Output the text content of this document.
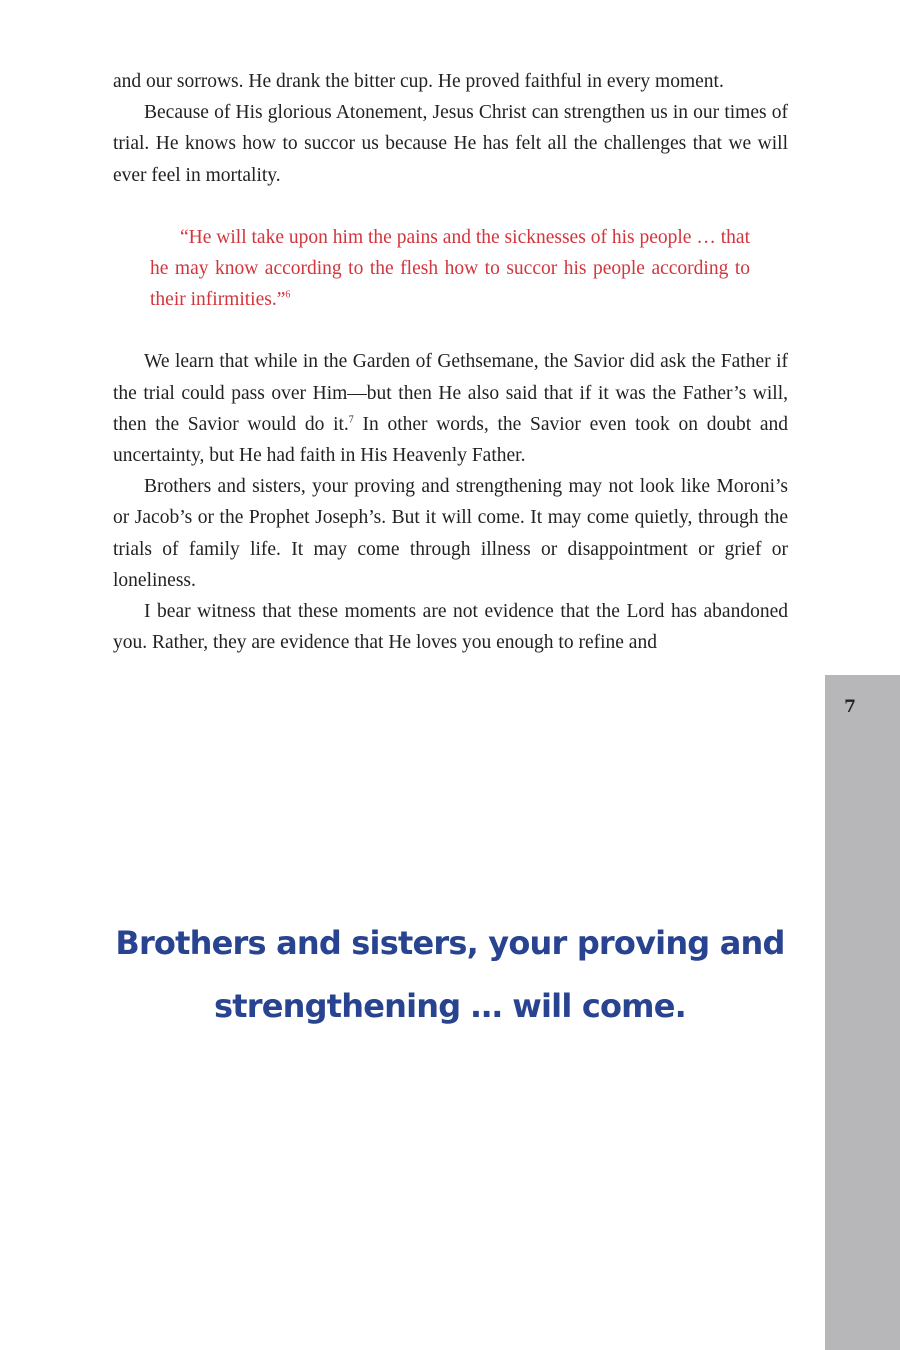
and our sorrows. He drank the bitter cup. He proved faithful in every moment.

Because of His glorious Atonement, Jesus Christ can strengthen us in our times of trial. He knows how to succor us because He has felt all the challenges that we will ever feel in mortality.

“He will take upon him the pains and the sicknesses of his people … that he may know according to the flesh how to succor his people according to their infirmities.”$^6$

We learn that while in the Garden of Gethsemane, the Savior did ask the Father if the trial could pass over Him—but then He also said that if it was the Father’s will, then the Savior would do it.$^7$ In other words, the Savior even took on doubt and uncertainty, but He had faith in His Heavenly Father.

Brothers and sisters, your proving and strengthening may not look like Moroni’s or Jacob’s or the Prophet Joseph’s. But it will come. It may come quietly, through the trials of family life. It may come through illness or disappointment or grief or loneliness.

I bear witness that these moments are not evidence that the Lord has abandoned you. Rather, they are evidence that He loves you enough to refine and

Brothers and sisters, your proving and strengthening … will come.

7
